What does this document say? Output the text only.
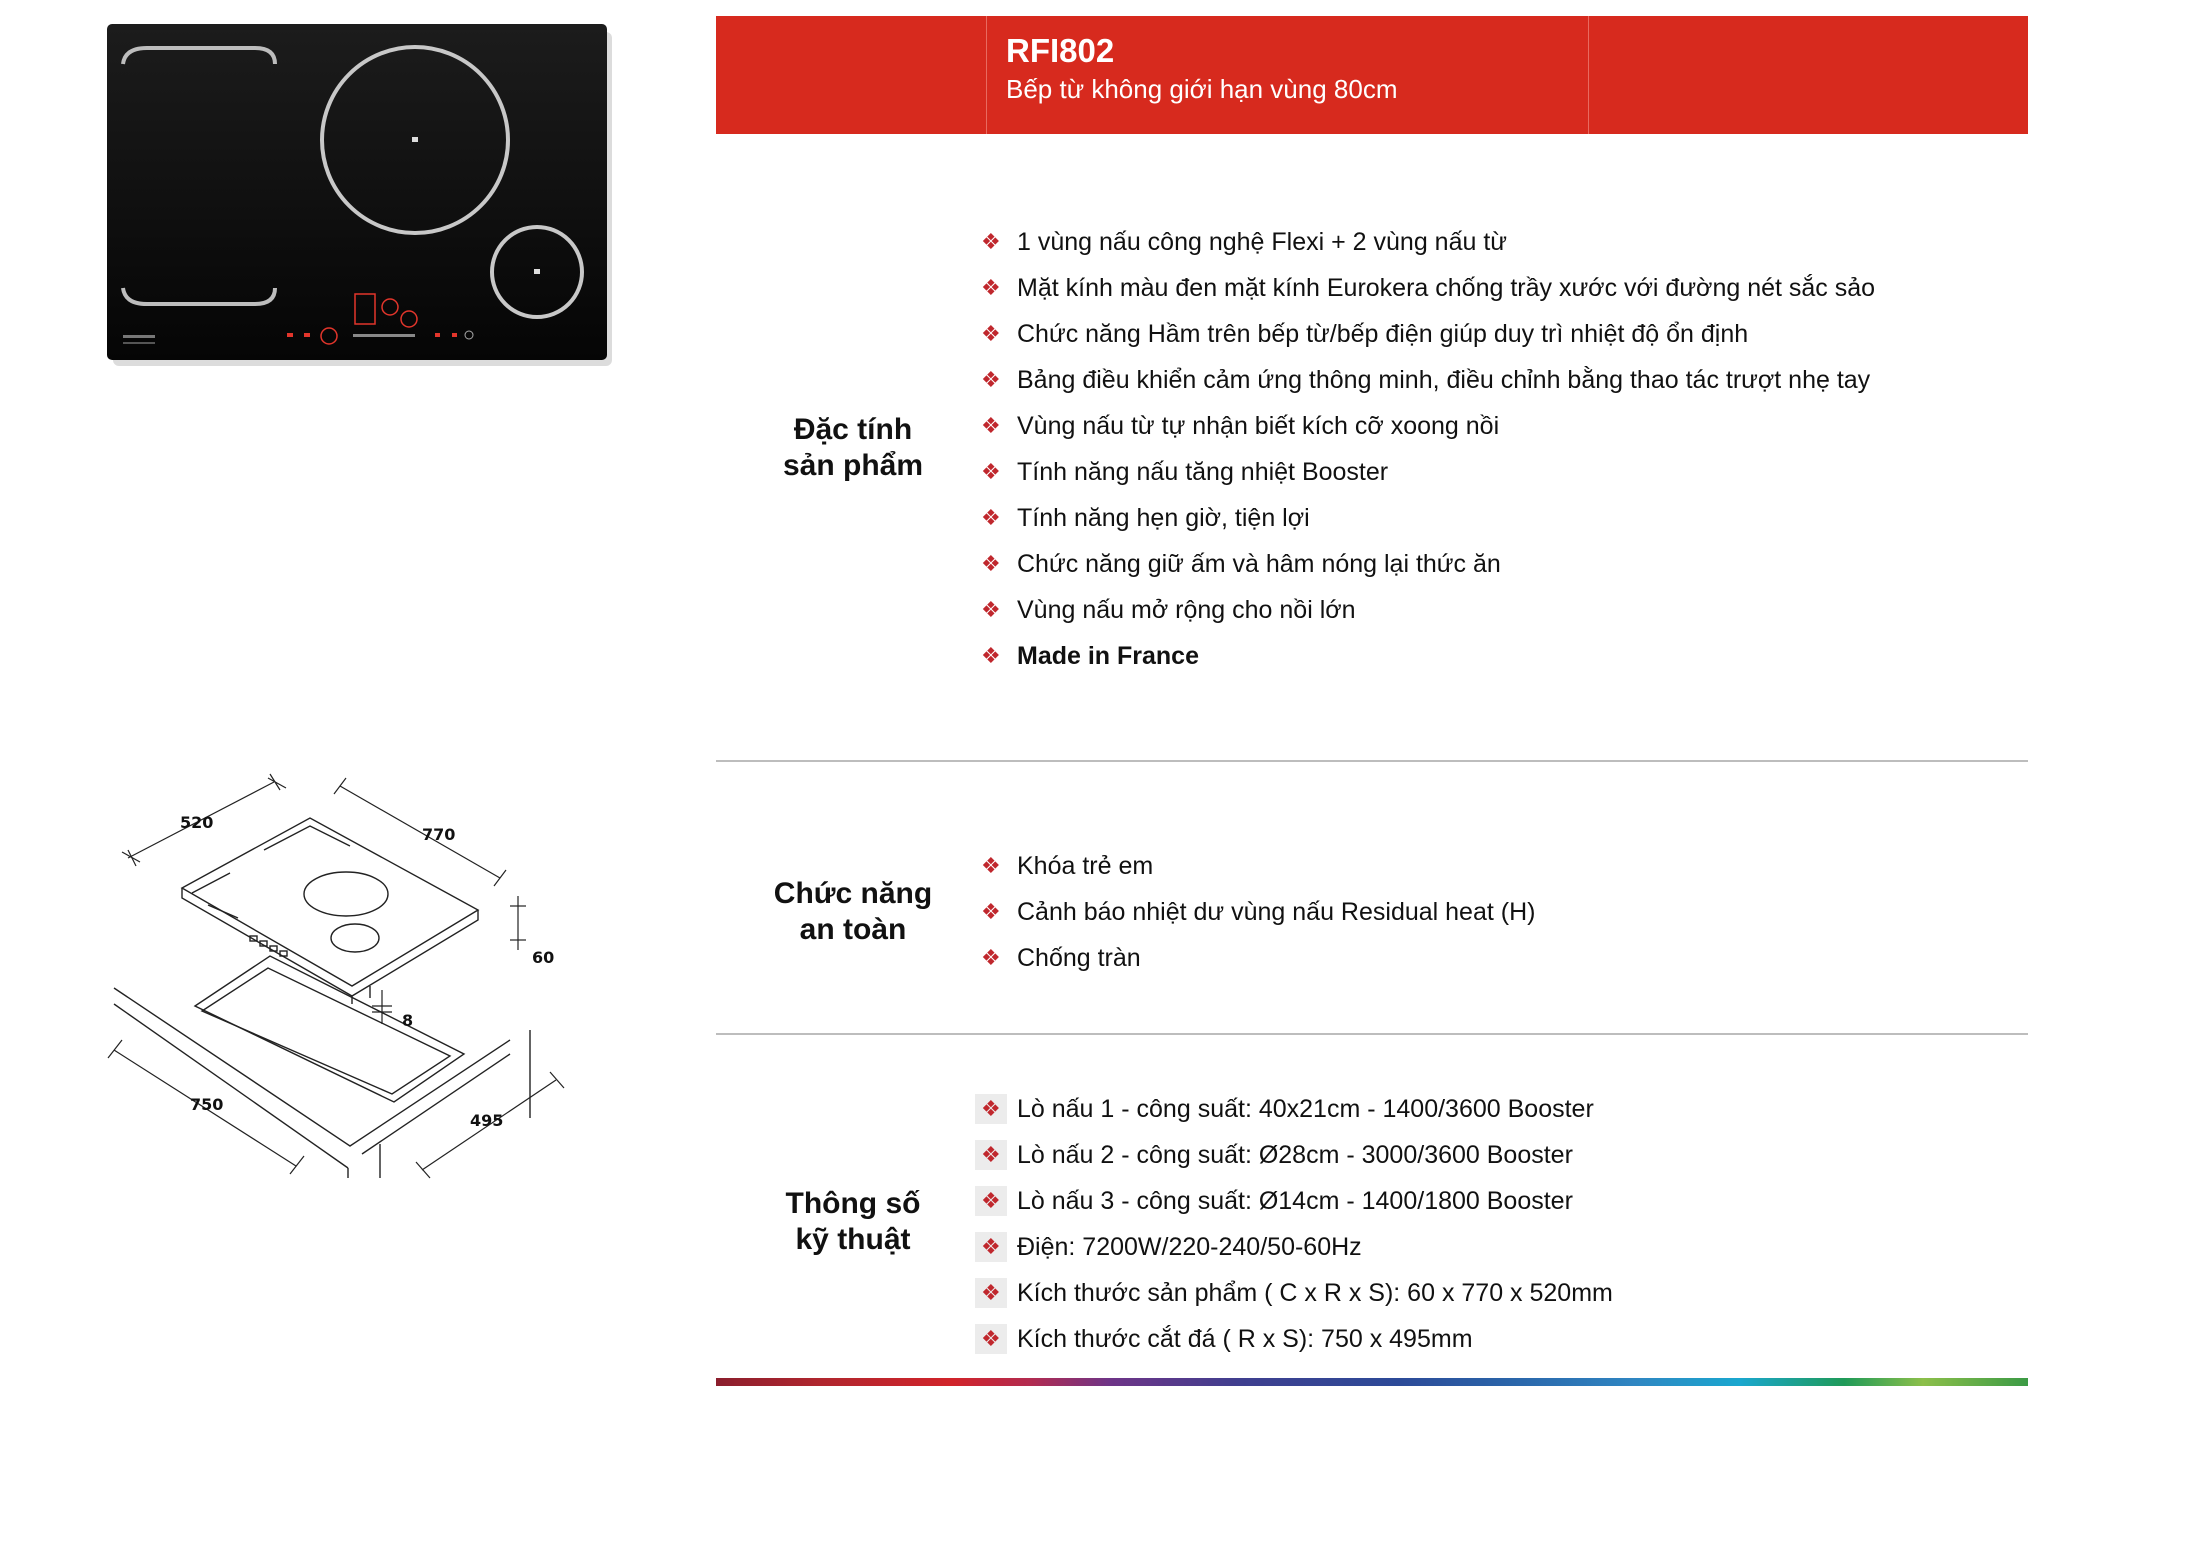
520
770
60
8
750
495
RFI802
Bếp từ không giới hạn vùng 80cm
Đặc tính
sản phẩm
❖ 1 vùng nấu công nghệ Flexi + 2 vùng nấu từ
❖ Mặt kính màu đen mặt kính Eurokera chống trầy xước với đường nét sắc sảo
❖ Chức năng Hầm trên bếp từ/bếp điện giúp duy trì nhiệt độ ổn định
❖ Bảng điều khiển cảm ứng thông minh, điều chỉnh bằng thao tác trượt nhẹ tay
❖ Vùng nấu từ tự nhận biết kích cỡ xoong nồi
❖ Tính năng nấu tăng nhiệt Booster
❖ Tính năng hẹn giờ, tiện lợi
❖ Chức năng giữ ấm và hâm nóng lại thức ăn
❖ Vùng nấu mở rộng cho nồi lớn
❖ Made in France
Chức năng
an toàn
❖ Khóa trẻ em
❖ Cảnh báo nhiệt dư vùng nấu Residual heat (H)
❖ Chống tràn
Thông số
kỹ thuật
❖ Lò nấu 1 - công suất: 40x21cm - 1400/3600 Booster
❖ Lò nấu 2 - công suất: Ø28cm - 3000/3600 Booster
❖ Lò nấu 3 - công suất: Ø14cm - 1400/1800 Booster
❖ Điện: 7200W/220-240/50-60Hz
❖ Kích thước sản phẩm ( C x R x S): 60 x 770 x 520mm
❖ Kích thước cắt đá ( R x S): 750 x 495mm
